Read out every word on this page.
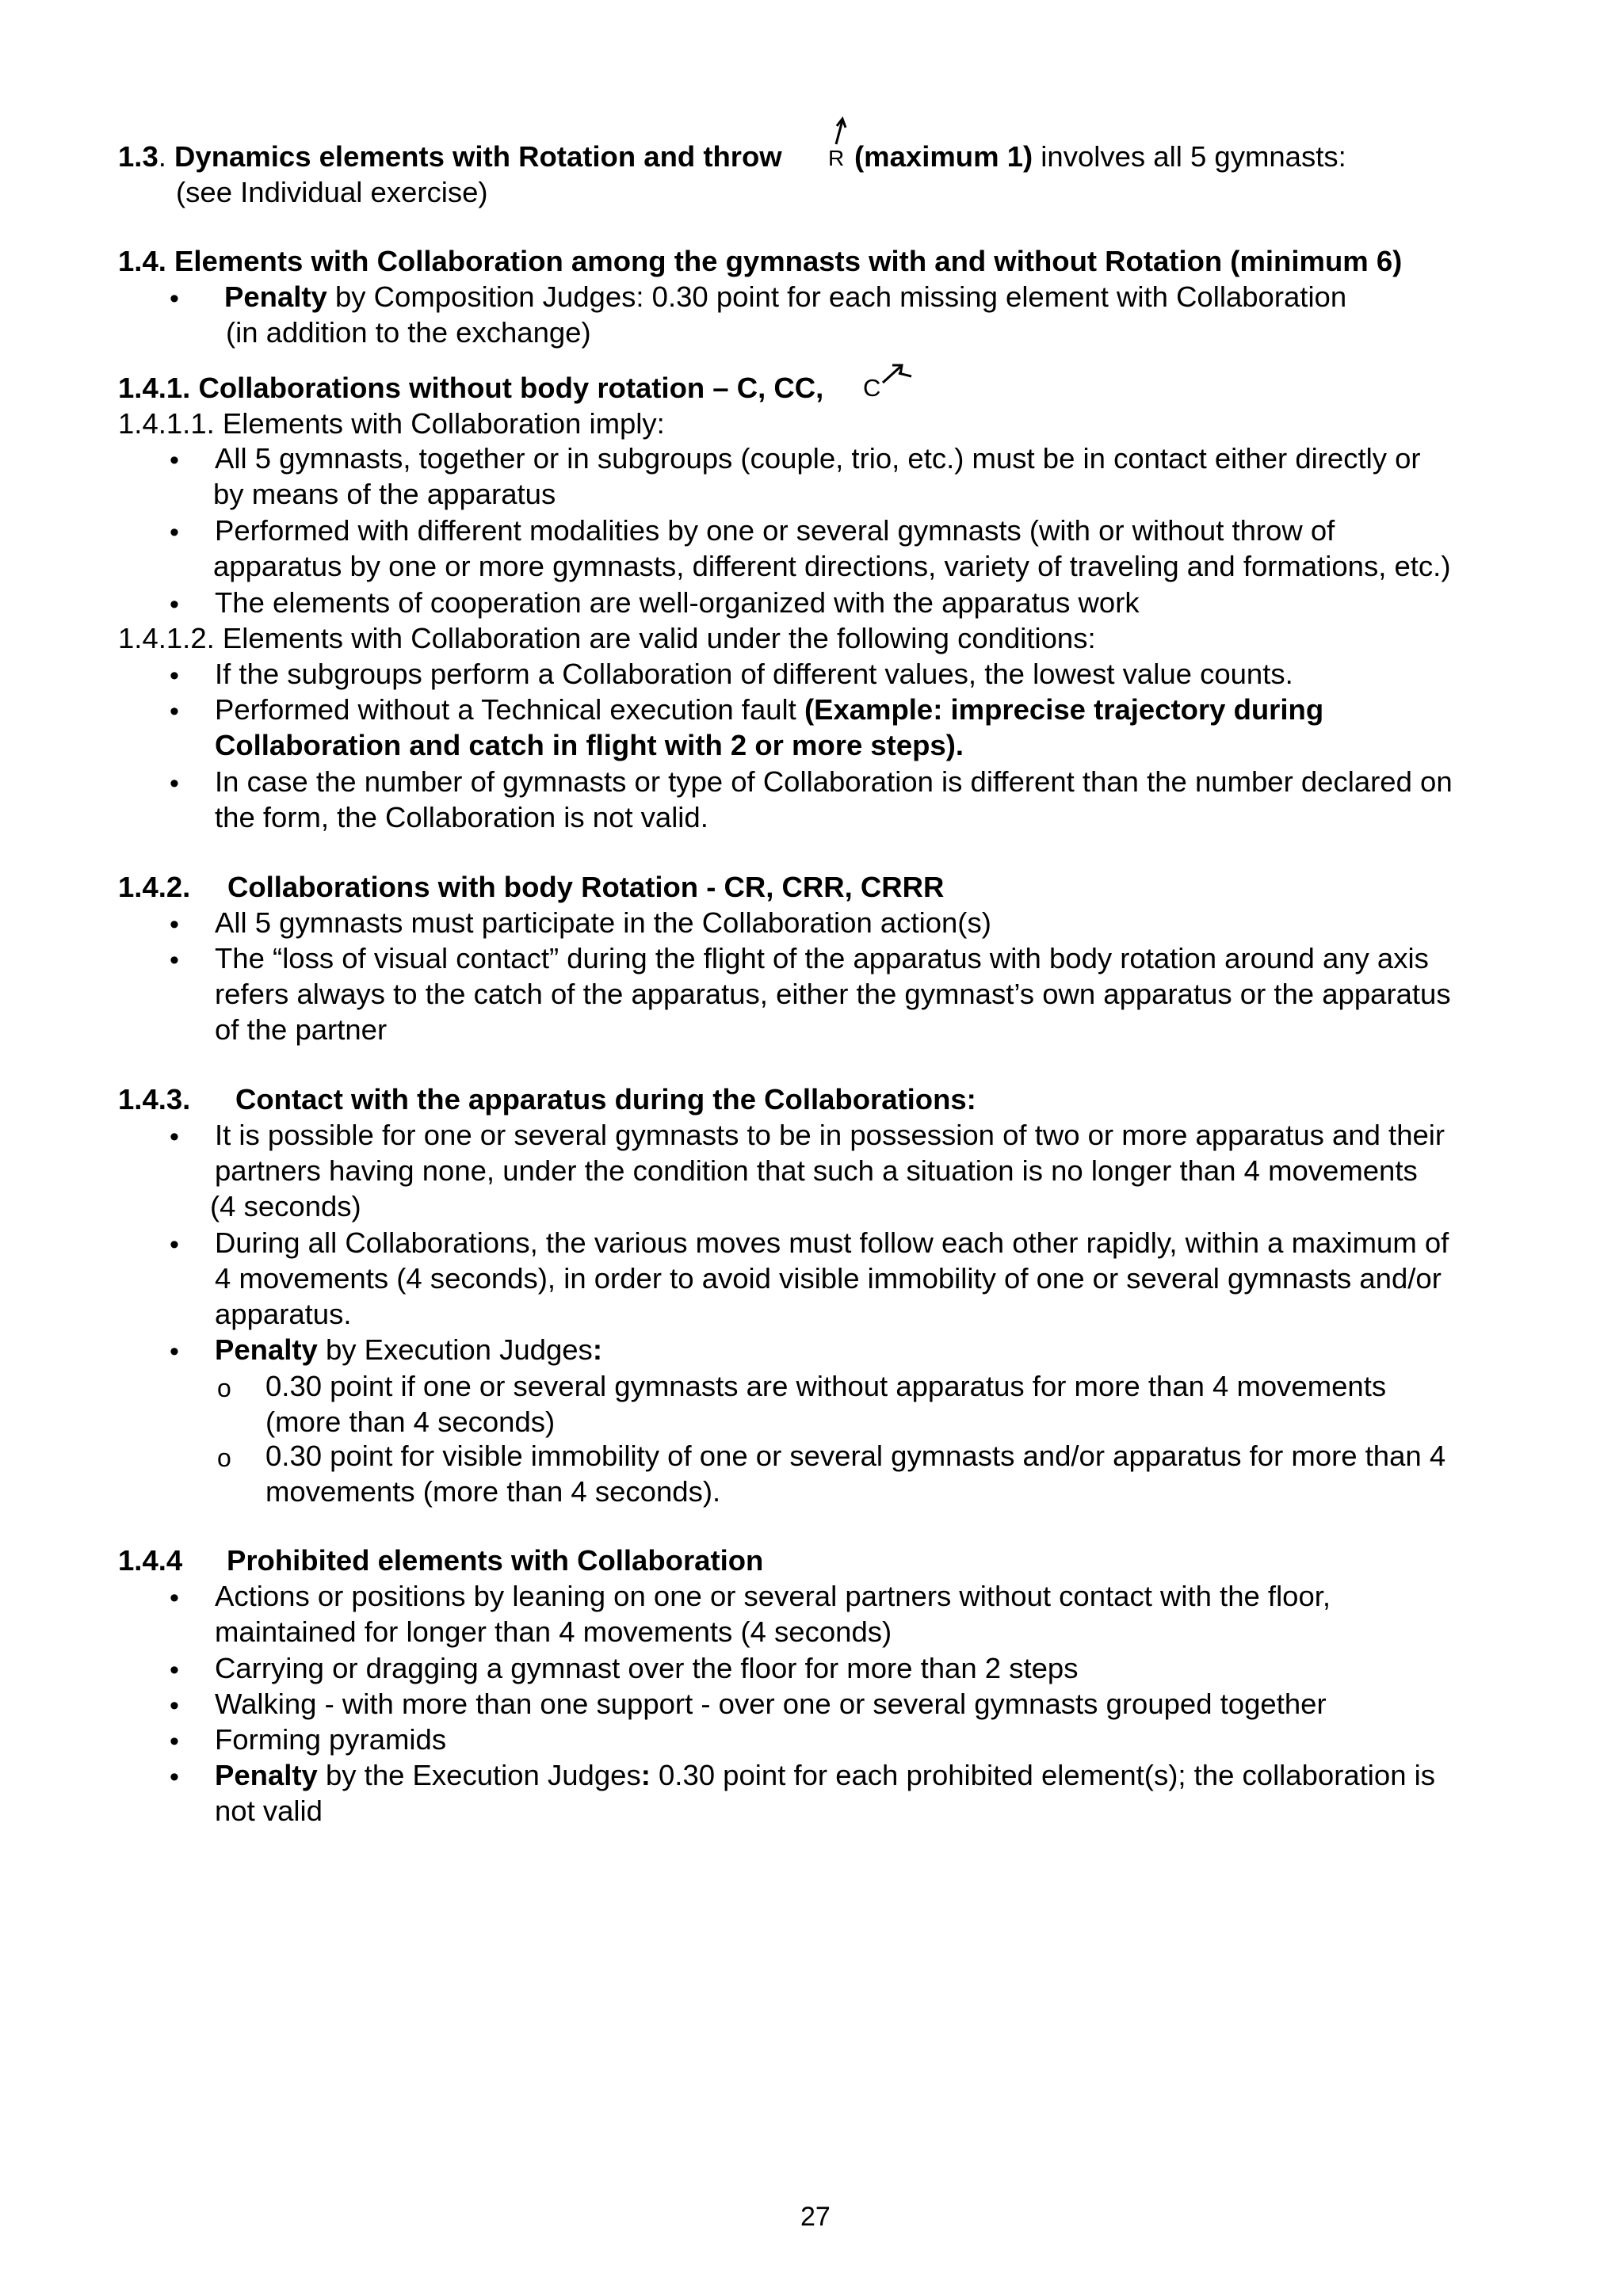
1.3. Dynamics elements with Rotation and throw R (maximum 1) involves all 5 gymnasts:
(see Individual exercise)
1.4. Elements with Collaboration among the gymnasts with and without Rotation (minimum 6)
• Penalty by Composition Judges: 0.30 point for each missing element with Collaboration
(in addition to the exchange)
1.4.1. Collaborations without body rotation – C, CC, C
1.4.1.1. Elements with Collaboration imply:
• All 5 gymnasts, together or in subgroups (couple, trio, etc.) must be in contact either directly or
by means of the apparatus
• Performed with different modalities by one or several gymnasts (with or without throw of
apparatus by one or more gymnasts, different directions, variety of traveling and formations, etc.)
• The elements of cooperation are well-organized with the apparatus work
1.4.1.2. Elements with Collaboration are valid under the following conditions:
• If the subgroups perform a Collaboration of different values, the lowest value counts.
• Performed without a Technical execution fault (Example: imprecise trajectory during
Collaboration and catch in flight with 2 or more steps).
• In case the number of gymnasts or type of Collaboration is different than the number declared on
the form, the Collaboration is not valid.
1.4.2. Collaborations with body Rotation - CR, CRR, CRRR
• All 5 gymnasts must participate in the Collaboration action(s)
• The “loss of visual contact” during the flight of the apparatus with body rotation around any axis
refers always to the catch of the apparatus, either the gymnast’s own apparatus or the apparatus
of the partner
1.4.3. Contact with the apparatus during the Collaborations:
• It is possible for one or several gymnasts to be in possession of two or more apparatus and their
partners having none, under the condition that such a situation is no longer than 4 movements
(4 seconds)
• During all Collaborations, the various moves must follow each other rapidly, within a maximum of
4 movements (4 seconds), in order to avoid visible immobility of one or several gymnasts and/or
apparatus.
• Penalty by Execution Judges:
o 0.30 point if one or several gymnasts are without apparatus for more than 4 movements
(more than 4 seconds)
o 0.30 point for visible immobility of one or several gymnasts and/or apparatus for more than 4
movements (more than 4 seconds).
1.4.4 Prohibited elements with Collaboration
• Actions or positions by leaning on one or several partners without contact with the floor,
maintained for longer than 4 movements (4 seconds)
• Carrying or dragging a gymnast over the floor for more than 2 steps
• Walking - with more than one support - over one or several gymnasts grouped together
• Forming pyramids
• Penalty by the Execution Judges: 0.30 point for each prohibited element(s); the collaboration is
not valid
27
